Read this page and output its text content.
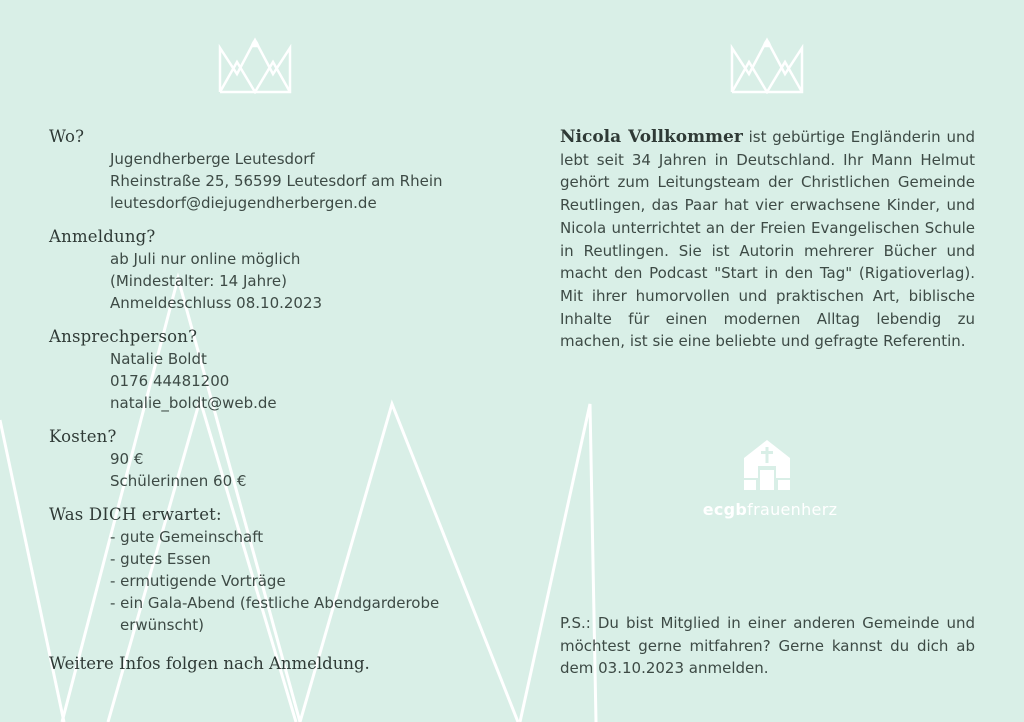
Wo?
Jugendherberge Leutesdorf
Rheinstraße 25, 56599 Leutesdorf am Rhein
leutesdorf@diejugendherbergen.de
Anmeldung?
ab Juli nur online möglich
(Mindestalter: 14 Jahre)
Anmeldeschluss 08.10.2023
Ansprechperson?
Natalie Boldt
0176 44481200
natalie_boldt@web.de
Kosten?
90 €
Schülerinnen 60 €
Was DICH erwartet:
- gute Gemeinschaft
- gutes Essen
- ermutigende Vorträge
- ein Gala-Abend (festliche Abendgarderobe
erwünscht)
Weitere Infos folgen nach Anmeldung.

Nicola Vollkommer ist gebürtige Engländerin und lebt seit 34 Jahren in Deutschland. Ihr Mann Helmut gehört zum Leitungsteam der Christlichen Gemeinde Reutlingen, das Paar hat vier erwachsene Kinder, und Nicola unterrichtet an der Freien Evangelischen Schule in Reutlingen. Sie ist Autorin mehrerer Bücher und macht den Podcast "Start in den Tag" (Rigatioverlag). Mit ihrer humorvollen und praktischen Art, biblische Inhalte für einen modernen Alltag lebendig zu machen, ist sie eine beliebte und gefragte Referentin.

ecgbfrauenherz
P.S.: Du bist Mitglied in einer anderen Gemeinde und möchtest gerne mitfahren? Gerne kannst du dich ab dem 03.10.2023 anmelden.
